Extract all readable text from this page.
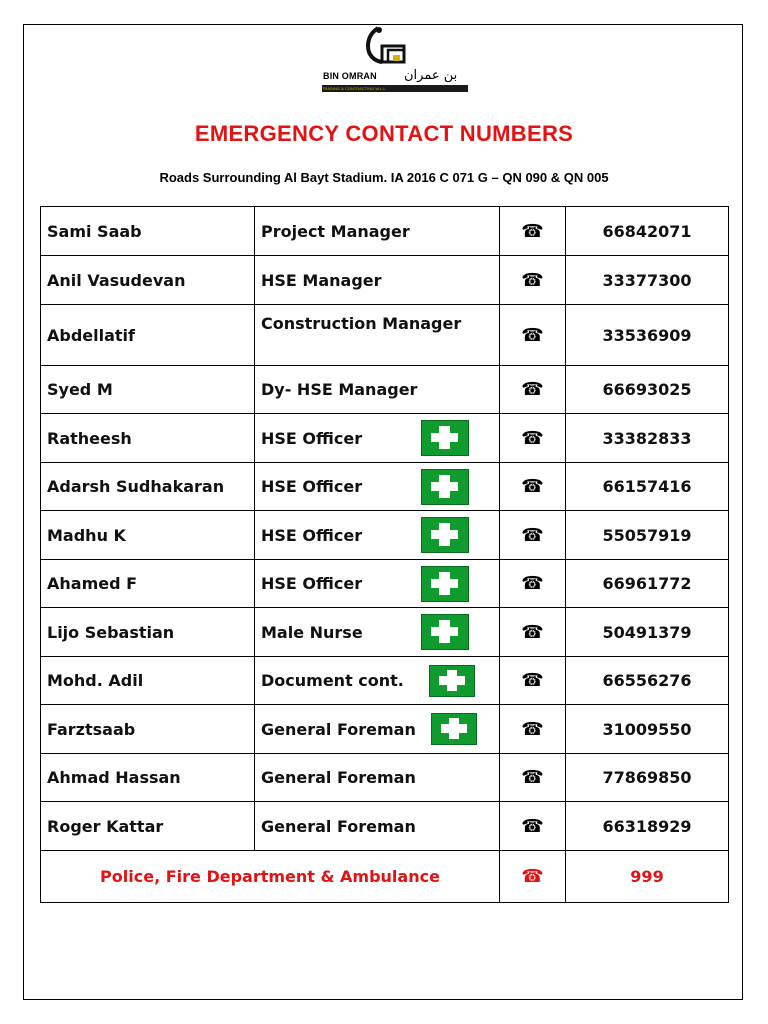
BIN OMRAN بن عمران
TRADING & CONTRACTING W.L.L.
EMERGENCY CONTACT NUMBERS
Roads Surrounding Al Bayt Stadium. IA 2016 C 071 G – QN 090 & QN 005
Sami Saab	Project Manager	☎	66842071
Anil Vasudevan	HSE Manager	☎	33377300
Abdellatif	Construction Manager	☎	33536909
Syed M	Dy- HSE Manager	☎	66693025
Ratheesh	HSE Officer	☎	33382833
Adarsh Sudhakaran	HSE Officer	☎	66157416
Madhu K	HSE Officer	☎	55057919
Ahamed F	HSE Officer	☎	66961772
Lijo Sebastian	Male Nurse	☎	50491379
Mohd. Adil	Document cont.	☎	66556276
Farztsaab	General Foreman	☎	31009550
Ahmad Hassan	General Foreman	☎	77869850
Roger Kattar	General Foreman	☎	66318929
Police, Fire Department & Ambulance		☎	999
